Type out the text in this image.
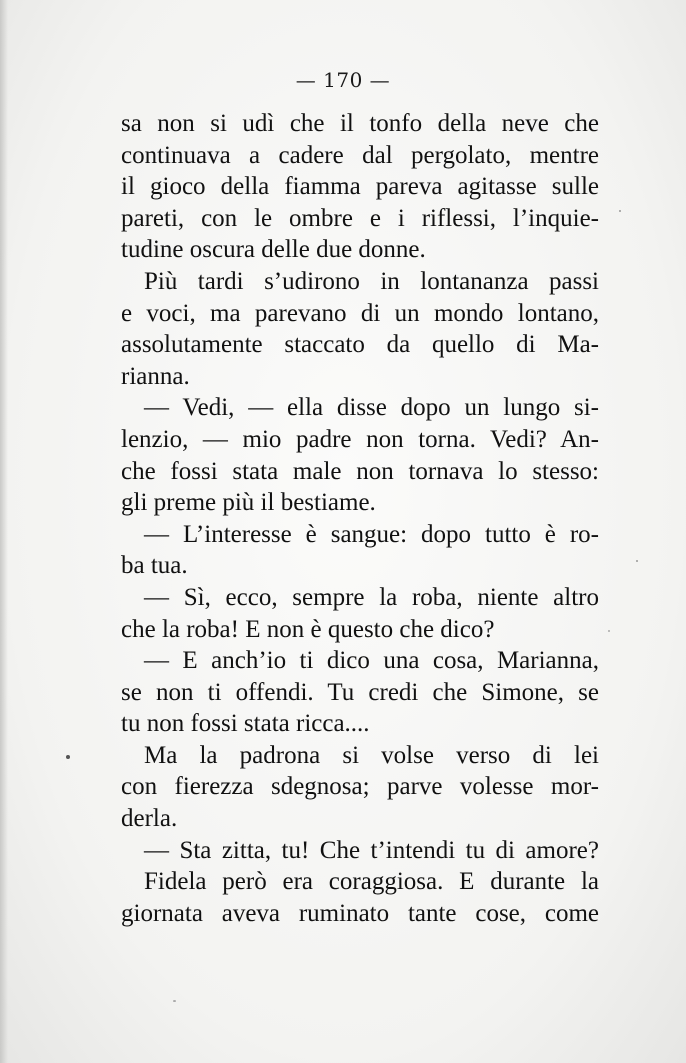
— 170 —
sa non si udì che il tonfo della neve che
continuava a cadere dal pergolato, mentre
il gioco della fiamma pareva agitasse sulle
pareti, con le ombre e i riflessi, l’inquie-
tudine oscura delle due donne.
Più tardi s’udirono in lontananza passi
e voci, ma parevano di un mondo lontano,
assolutamente staccato da quello di Ma-
rianna.
— Vedi, — ella disse dopo un lungo si-
lenzio, — mio padre non torna. Vedi? An-
che fossi stata male non tornava lo stesso:
gli preme più il bestiame.
— L’interesse è sangue: dopo tutto è ro-
ba tua.
— Sì, ecco, sempre la roba, niente altro
che la roba! E non è questo che dico?
— E anch’io ti dico una cosa, Marianna,
se non ti offendi. Tu credi che Simone, se
tu non fossi stata ricca....
Ma la padrona si volse verso di lei
con fierezza sdegnosa; parve volesse mor-
derla.
— Sta zitta, tu! Che t’intendi tu di amore?
Fidela però era coraggiosa. E durante la
giornata aveva ruminato tante cose, come
